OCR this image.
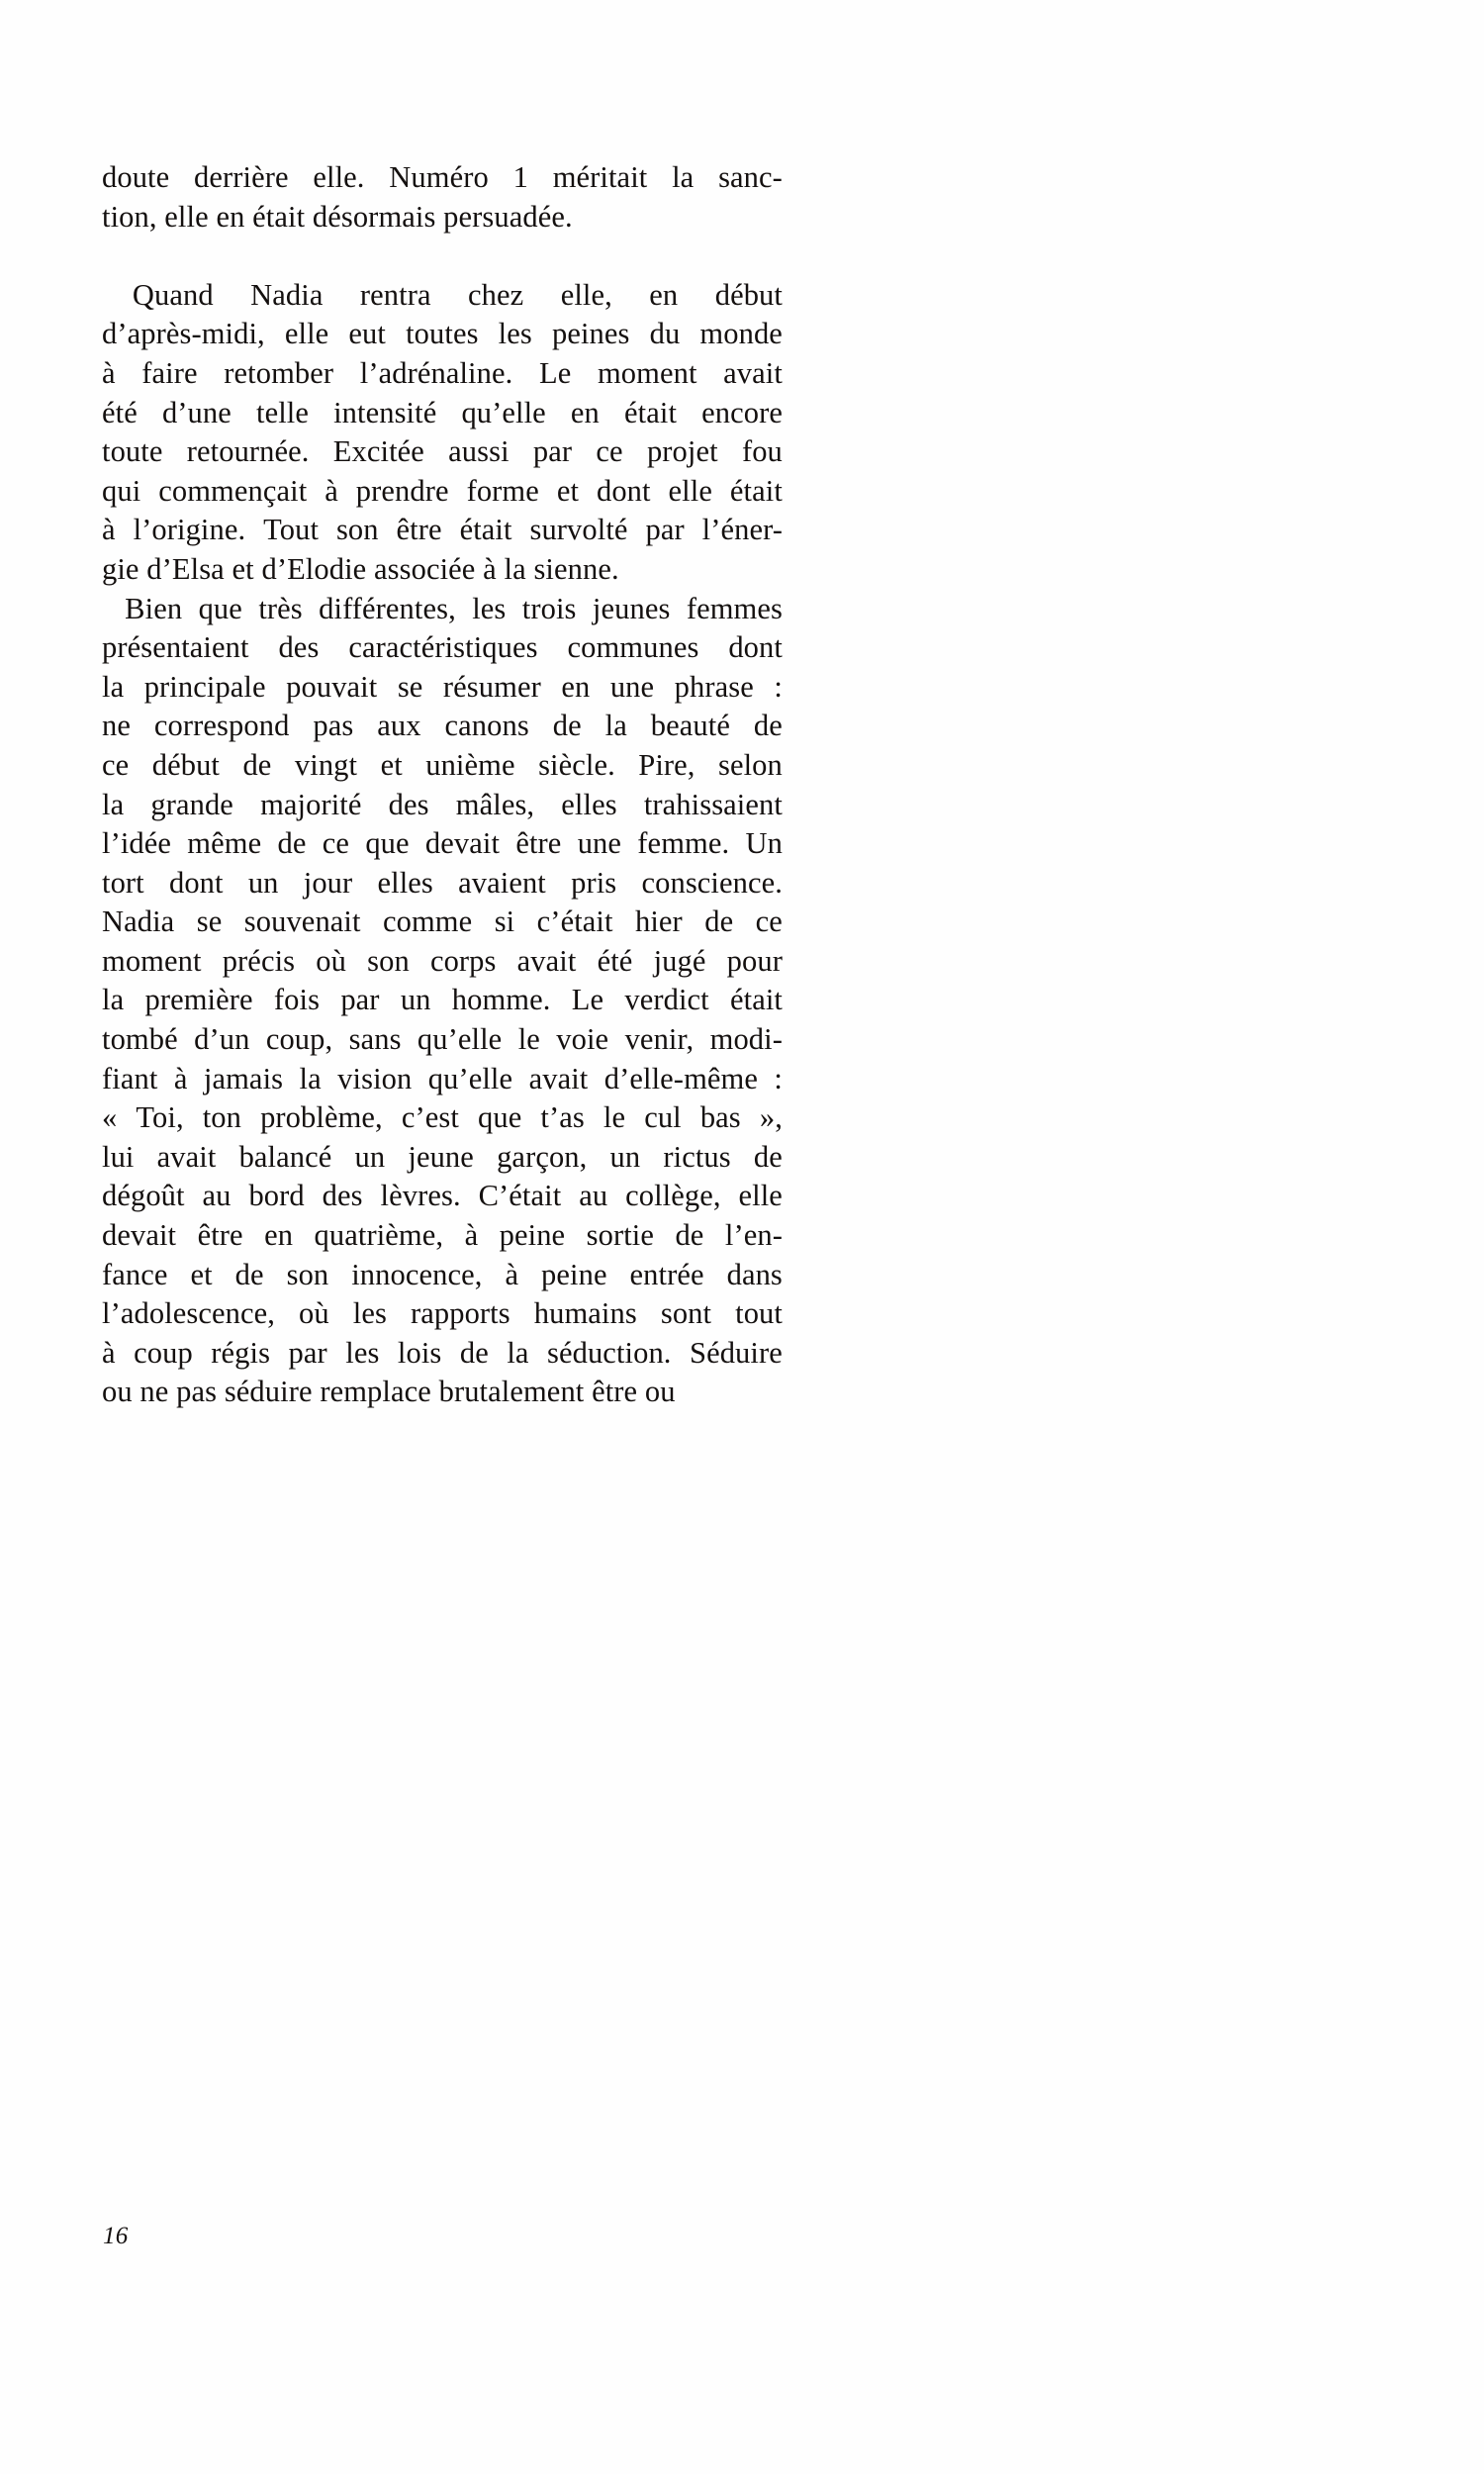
doute derrière elle. Numéro 1 méritait la sanc-
tion, elle en était désormais persuadée.
Quand Nadia rentra chez elle, en début
d’après-midi, elle eut toutes les peines du monde
à faire retomber l’adrénaline. Le moment avait
été d’une telle intensité qu’elle en était encore
toute retournée. Excitée aussi par ce projet fou
qui commençait à prendre forme et dont elle était
à l’origine. Tout son être était survolté par l’éner-
gie d’Elsa et d’Elodie associée à la sienne.
Bien que très différentes, les trois jeunes femmes
présentaient des caractéristiques communes dont
la principale pouvait se résumer en une phrase :
ne correspond pas aux canons de la beauté de
ce début de vingt et unième siècle. Pire, selon
la grande majorité des mâles, elles trahissaient
l’idée même de ce que devait être une femme. Un
tort dont un jour elles avaient pris conscience.
Nadia se souvenait comme si c’était hier de ce
moment précis où son corps avait été jugé pour
la première fois par un homme. Le verdict était
tombé d’un coup, sans qu’elle le voie venir, modi-
fiant à jamais la vision qu’elle avait d’elle-même :
« Toi, ton problème, c’est que t’as le cul bas »,
lui avait balancé un jeune garçon, un rictus de
dégoût au bord des lèvres. C’était au collège, elle
devait être en quatrième, à peine sortie de l’en-
fance et de son innocence, à peine entrée dans
l’adolescence, où les rapports humains sont tout
à coup régis par les lois de la séduction. Séduire
ou ne pas séduire remplace brutalement être ou
16
